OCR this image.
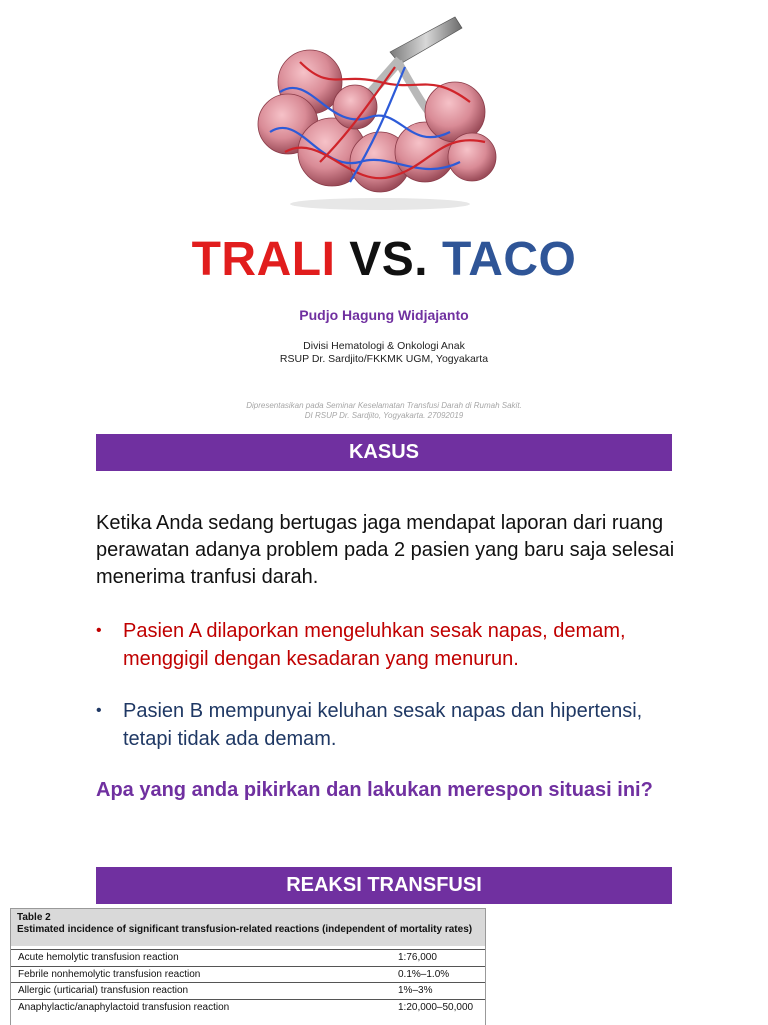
TRALI VS. TACO
Pudjo Hagung Widjajanto
Divisi Hematologi & Onkologi Anak
RSUP Dr. Sardjito/FKKMK UGM, Yogyakarta
Dipresentasikan pada Seminar Keselamatan Transfusi Darah di Rumah Sakit.
DI RSUP Dr. Sardjito, Yogyakarta. 27092019
KASUS
Ketika Anda sedang bertugas jaga mendapat laporan dari ruang perawatan adanya problem pada 2 pasien yang baru saja selesai menerima tranfusi darah.
•	Pasien A dilaporkan mengeluhkan sesak napas, demam, menggigil dengan kesadaran yang menurun.
•	Pasien B mempunyai keluhan sesak napas dan hipertensi, tetapi tidak ada demam.
Apa yang anda pikirkan dan lakukan merespon situasi ini?
REAKSI TRANSFUSI
Table 2
Estimated incidence of significant transfusion-related reactions (independent of mortality rates)
Acute hemolytic transfusion reaction	1:76,000
Febrile nonhemolytic transfusion reaction	0.1%–1.0%
Allergic (urticarial) transfusion reaction	1%–3%
Anaphylactic/anaphylactoid transfusion reaction	1:20,000–50,000
